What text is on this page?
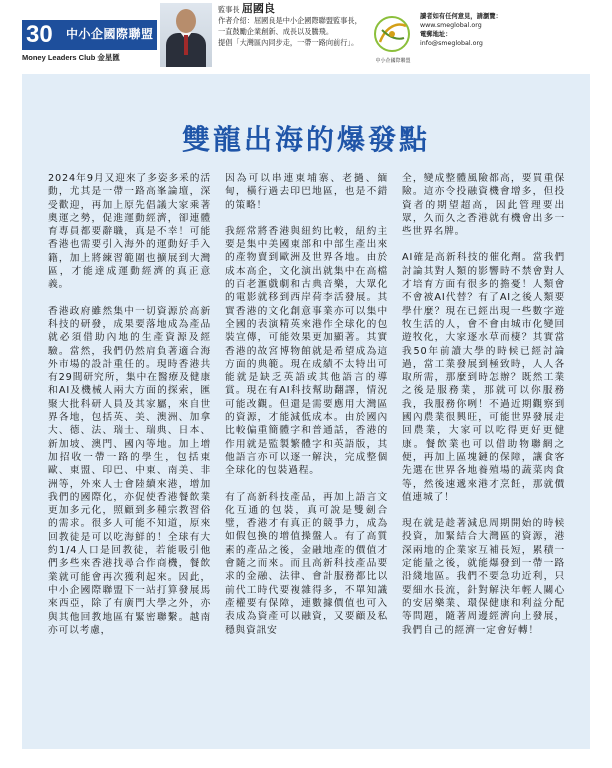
30 中小企國際聯盟
Money Leaders Club 金星匯
監事長 屈國良
作者介紹：屈國良是中小企國際聯盟監事長，
一直鼓勵企業創新、成長以及騰飛。
提倡「大灣區內同步走，一帶一路向前行」。
中小企國際聯盟
讀者如有任何意見，請瀏覽：
www.smeglobal.org
電郵地址：
info@smeglobal.org
雙龍出海的爆發點

2024年9月又迎來了多姿多釆的活動，尤其是一帶一路高峯論壇，深受歡迎，再加上原先倡議大家乘著奧運之勢，促進運動經濟，卻連體育專員都要辭職，真是不幸！可能香港也需要引入海外的運動好手入籍，加上將練習範圍也擴展到大灣區，才能達成運動經濟的真正意義。

香港政府雖然集中一切資源於高新科技的研發，成果要落地成為產品就必須借助內地的生產資源及經驗。當然，我們仍然肩負著適合海外市場的設計重任的。現時香港共有29間研究所，集中在醫療及健康和AI及機械人兩大方面的探索，匯聚大批科研人員及其家屬，來自世界各地，包括英、美、澳洲、加拿大、德、法、瑞士、瑞典、日本、新加坡、澳門、國內等地。加上增加招收一帶一路的學生，包括東歐、東盟、印巴、中東、南美、非洲等，外來人士會陸續來港，增加我們的國際化，亦促使香港餐飲業更加多元化，照顧到多種宗教習俗的需求。很多人可能不知道，原來回教徒是可以吃海鮮的！全球有大約1/4人口是回教徒，若能吸引他們多些來香港找尋合作商機，餐飲業就可能會再次獲利起來。因此，中小企國際聯盟下一站打算發展馬來西亞，除了有廣門大學之外，亦與其他回教地區有緊密聯繫。越南亦可以考慮，

因為可以串連東埔寨、老撾、緬甸，橫行過去印巴地區，也是不錯的策略！

我經常將香港與紐約比較，紐約主要是集中美國東部和中部生產出來的產物賣到歐洲及世界各地。由於成本高企，文化演出就集中在高檔的百老滙戲劇和古典音樂，大眾化的電影就移到西岸荷李活發展。其實香港的文化創意事業亦可以集中全國的表演精英來港作全球化的包裝宣傳，可能效果更加顯著。其實香港的故宮博物館就是希望成為這方面的典範。現在成績不太特出可能就是缺乏英語或其他語言的導賞。現在有AI科技幫助翻譯，情況可能改觀。但還是需要應用大灣區的資源，才能減低成本。由於國內比較偏重簡體字和普通話，香港的作用就是監製繁體字和英語版，其他語言亦可以逐一解決，完成整個全球化的包裝過程。

有了高新科技產品，再加上語言文化互通的包裝，真可說是雙劍合璧，香港才有真正的競爭力，成為如假包換的增值操盤人。有了高質素的產品之後，金融地產的價值才會隨之而來。而且高新科技產品要求的金融、法律、會計服務都比以前代工時代要複雜得多，不單知識產權要有保障，連數據價值也可入表成為資產可以融資，又要顧及私穩與資訊安

全，變成整體風險都高，要買重保險。這亦令投融資機會增多，但投資者的期望超高，因此管理要出眾，久而久之香港就有機會出多一些世界名牌。

AI確是高新科技的催化劑。當我們討論其對人類的影響時不禁會對人才培育方面有很多的擔憂！人類會不會被AI代替？有了AI之後人類要學什麼？現在已經出現一些數字遊牧生活的人，會不會由城市化變回遊牧化，大家逐水草而棲？其實當我50年前讀大學的時候已經討論過，當工業發展到極致時，人人各取所需，那麼到時怎辦？既然工業之後是服務業，那就可以你服務我，我服務你咧！不過近期觀察到國內農業很興旺，可能世界發展走回農業，大家可以吃得更好更健康。餐飲業也可以借助物聯網之便，再加上區塊鏈的保障，讓食客先選在世界各地養殖場的蔬菜肉食等，然後速遞來港才烹飪，那就價值連城了！

現在就是趁著減息周期開始的時候投資，加緊結合大灣區的資源，港深兩地的企業家互補長短，累積一定能量之後，就能爆發到一帶一路沿綫地區。我們不要急功近利，只要細水長流，針對解決年輕人關心的安居樂業、環保健康和利益分配等問題，隨著周邊經濟向上發展，我們自己的經濟一定會好轉！
